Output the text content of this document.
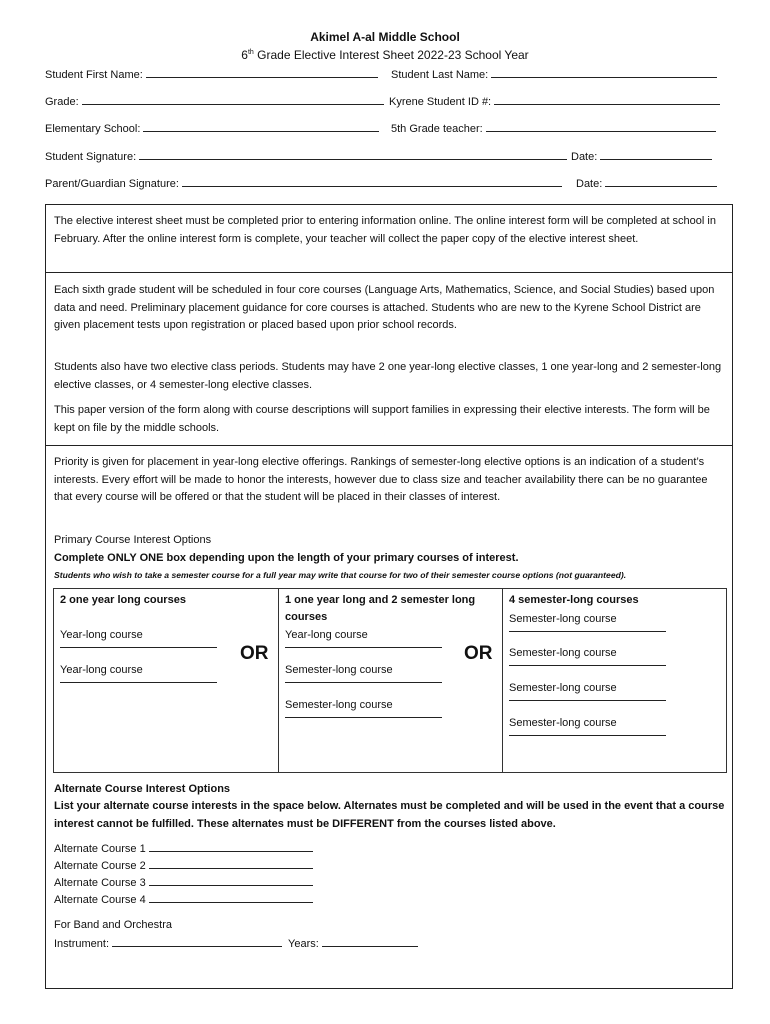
Akimel A-al Middle School
6th Grade Elective Interest Sheet 2022-23 School Year
Student First Name:	Student Last Name:
Grade:	Kyrene Student ID #:
Elementary School:	5th Grade teacher:
Student Signature:	Date:
Parent/Guardian Signature:	Date:

The elective interest sheet must be completed prior to entering information online. The online interest form will be completed at school in February. After the online interest form is complete, your teacher will collect the paper copy of the elective interest sheet.

Each sixth grade student will be scheduled in four core courses (Language Arts, Mathematics, Science, and Social Studies) based upon data and need. Preliminary placement guidance for core courses is attached. Students who are new to the Kyrene School District are given placement tests upon registration or placed based upon prior school records.

Students also have two elective class periods. Students may have 2 one year-long elective classes, 1 one year-long and 2 semester-long elective classes, or 4 semester-long elective classes.

This paper version of the form along with course descriptions will support families in expressing their elective interests. The form will be kept on file by the middle schools.

Priority is given for placement in year-long elective offerings. Rankings of semester-long elective options is an indication of a student’s interests. Every effort will be made to honor the interests, however due to class size and teacher availability there can be no guarantee that every course will be offered or that the student will be placed in their classes of interest.

Primary Course Interest Options

Complete ONLY ONE box depending upon the length of your primary courses of interest.

Students who wish to take a semester course for a full year may write that course for two of their semester course options (not guaranteed).

2 one year long courses
Year-long course
Year-long course
OR
1 one year long and 2 semester long courses
Year-long course
Semester-long course
Semester-long course
OR
4 semester-long courses
Semester-long course
Semester-long course
Semester-long course
Semester-long course

Alternate Course Interest Options

List your alternate course interests in the space below. Alternates must be completed and will be used in the event that a course interest cannot be fulfilled. These alternates must be DIFFERENT from the courses listed above.

Alternate Course 1
Alternate Course 2
Alternate Course 3
Alternate Course 4
For Band and Orchestra
Instrument:	Years:
